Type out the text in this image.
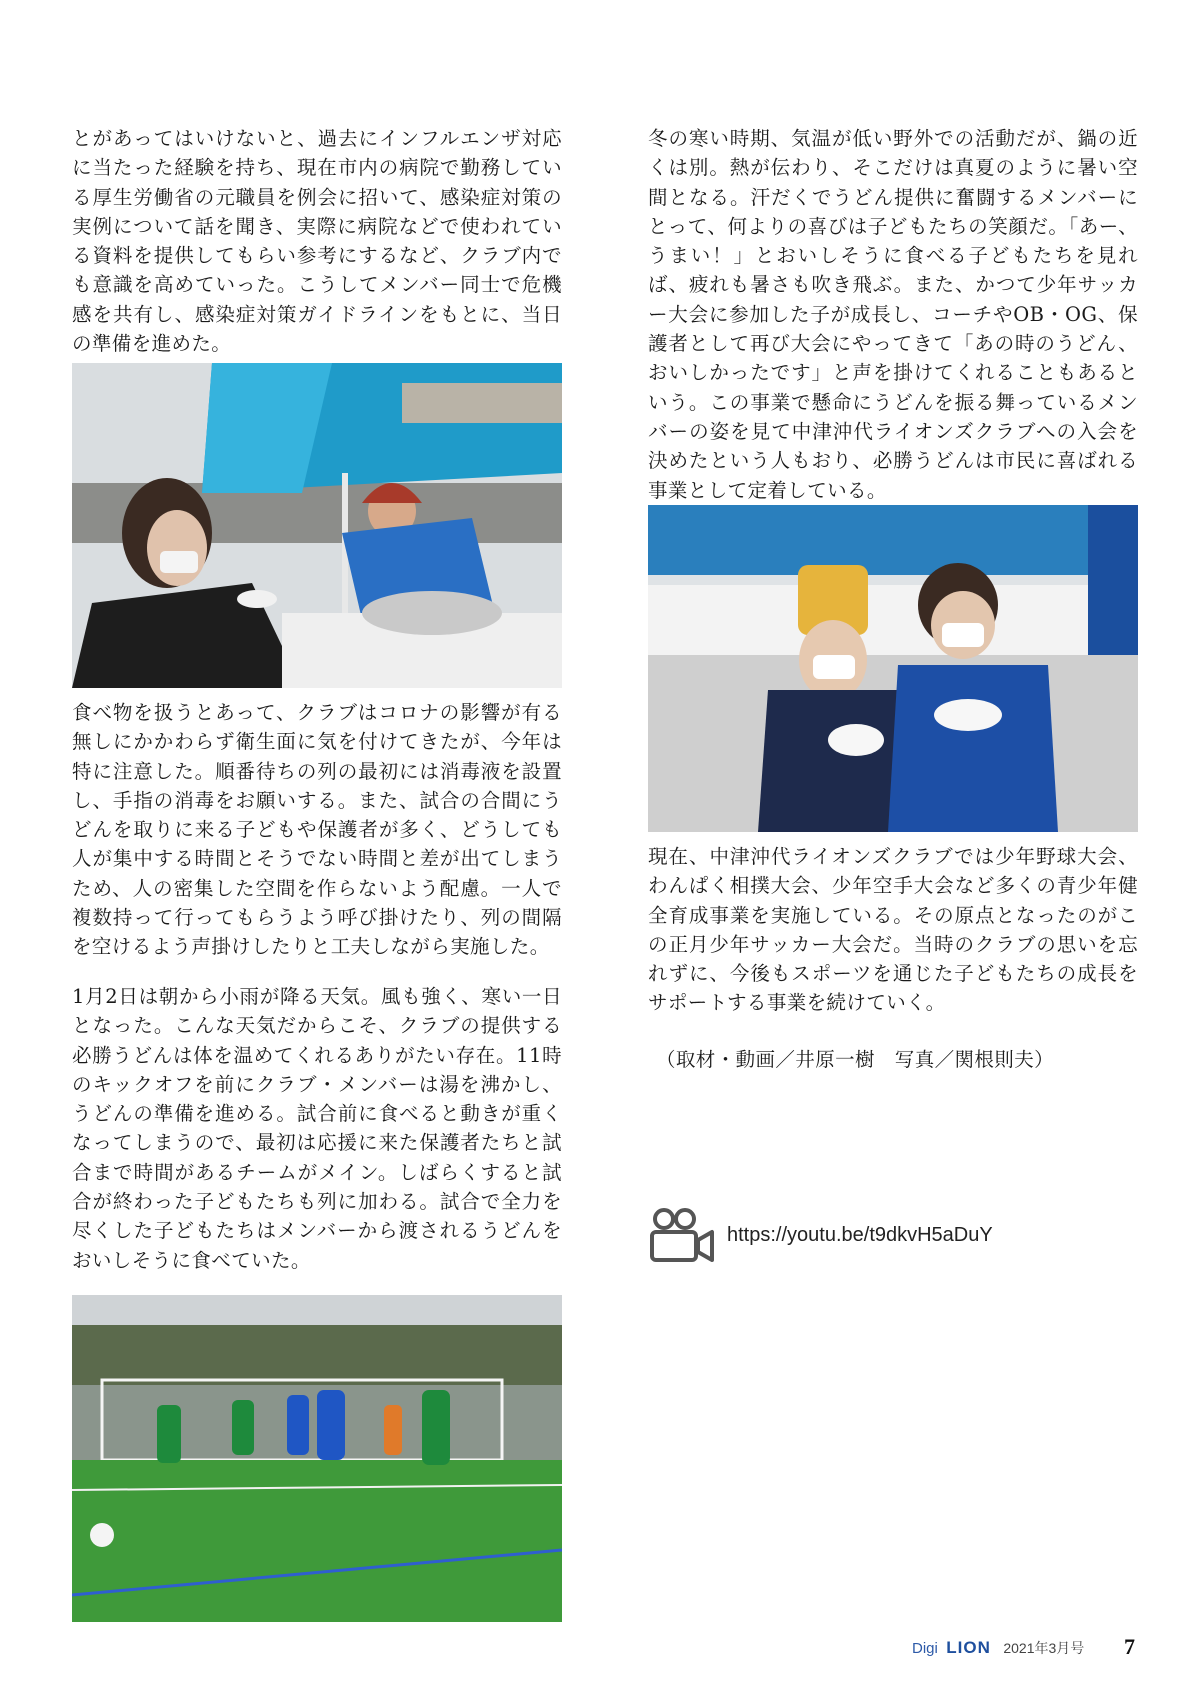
とがあってはいけないと、過去にインフルエンザ対応に当たった経験を持ち、現在市内の病院で勤務している厚生労働省の元職員を例会に招いて、感染症対策の実例について話を聞き、実際に病院などで使われている資料を提供してもらい参考にするなど、クラブ内でも意識を高めていった。こうしてメンバー同士で危機感を共有し、感染症対策ガイドラインをもとに、当日の準備を進めた。

食べ物を扱うとあって、クラブはコロナの影響が有る無しにかかわらず衛生面に気を付けてきたが、今年は特に注意した。順番待ちの列の最初には消毒液を設置し、手指の消毒をお願いする。また、試合の合間にうどんを取りに来る子どもや保護者が多く、どうしても人が集中する時間とそうでない時間と差が出てしまうため、人の密集した空間を作らないよう配慮。一人で複数持って行ってもらうよう呼び掛けたり、列の間隔を空けるよう声掛けしたりと工夫しながら実施した。

1月2日は朝から小雨が降る天気。風も強く、寒い一日となった。こんな天気だからこそ、クラブの提供する必勝うどんは体を温めてくれるありがたい存在。11時のキックオフを前にクラブ・メンバーは湯を沸かし、うどんの準備を進める。試合前に食べると動きが重くなってしまうので、最初は応援に来た保護者たちと試合まで時間があるチームがメイン。しばらくすると試合が終わった子どもたちも列に加わる。試合で全力を尽くした子どもたちはメンバーから渡されるうどんをおいしそうに食べていた。

冬の寒い時期、気温が低い野外での活動だが、鍋の近くは別。熱が伝わり、そこだけは真夏のように暑い空間となる。汗だくでうどん提供に奮闘するメンバーにとって、何よりの喜びは子どもたちの笑顔だ。「あー、うまい！」とおいしそうに食べる子どもたちを見れば、疲れも暑さも吹き飛ぶ。また、かつて少年サッカー大会に参加した子が成長し、コーチやOB・OG、保護者として再び大会にやってきて「あの時のうどん、おいしかったです」と声を掛けてくれることもあるという。この事業で懸命にうどんを振る舞っているメンバーの姿を見て中津沖代ライオンズクラブへの入会を決めたという人もおり、必勝うどんは市民に喜ばれる事業として定着している。

現在、中津沖代ライオンズクラブでは少年野球大会、わんぱく相撲大会、少年空手大会など多くの青少年健全育成事業を実施している。その原点となったのがこの正月少年サッカー大会だ。当時のクラブの思いを忘れずに、今後もスポーツを通じた子どもたちの成長をサポートする事業を続けていく。

（取材・動画／井原一樹　写真／関根則夫）
https://youtu.be/t9dkvH5aDuY
Digi LION 2021年3月号 7
